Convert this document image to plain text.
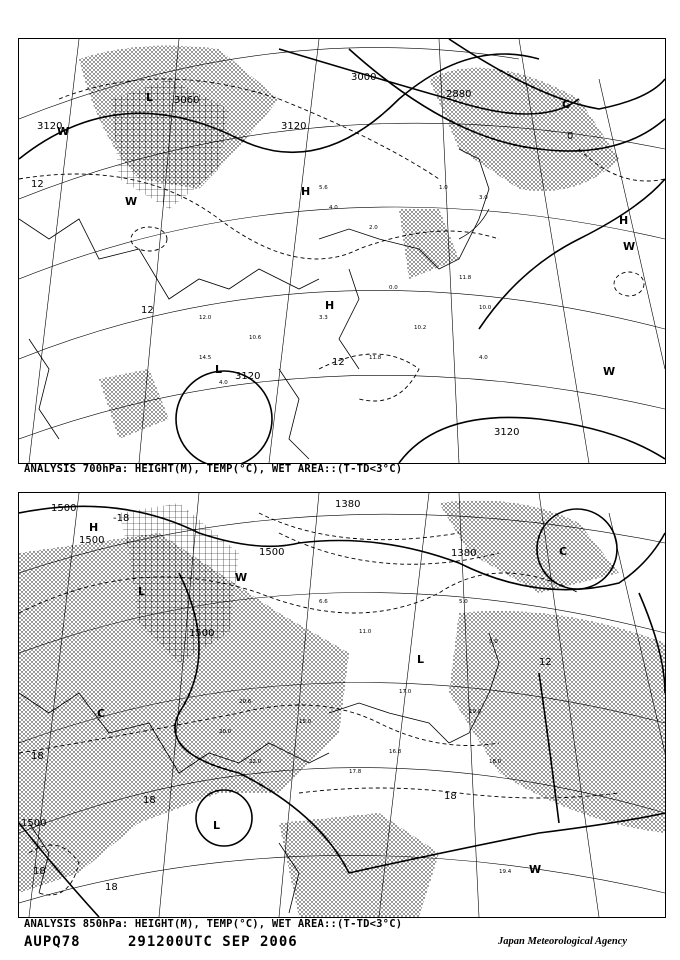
5.6
4.0
2.0
0.0
10.2
11.8
10.6
12.0
11.8
10.0
1.0
3.0
14.5
4.0
4.0
3.3
3120	3120
3120
3120
3060
3000
2880
12
12
12
0
L
L
H
H
H
W
W
W
W
C
ANALYSIS 700hPa: HEIGHT(M), TEMP(°C), WET AREA::(T-TD<3°C)
6.6
11.0
17.0
19.0
5.0
9.0
20.0
22.0
16.8
18.0
17.8
15.0
20.6
19.4
1500
1500
1500
1500
1500
1380
1380
18
18
18
18
18
12
-18
H
L
L
L
W
W
C
C
ANALYSIS 850hPa: HEIGHT(M), TEMP(°C), WET AREA::(T-TD<3°C)
AUPQ78	291200UTC SEP 2006	Japan Meteorological Agency
